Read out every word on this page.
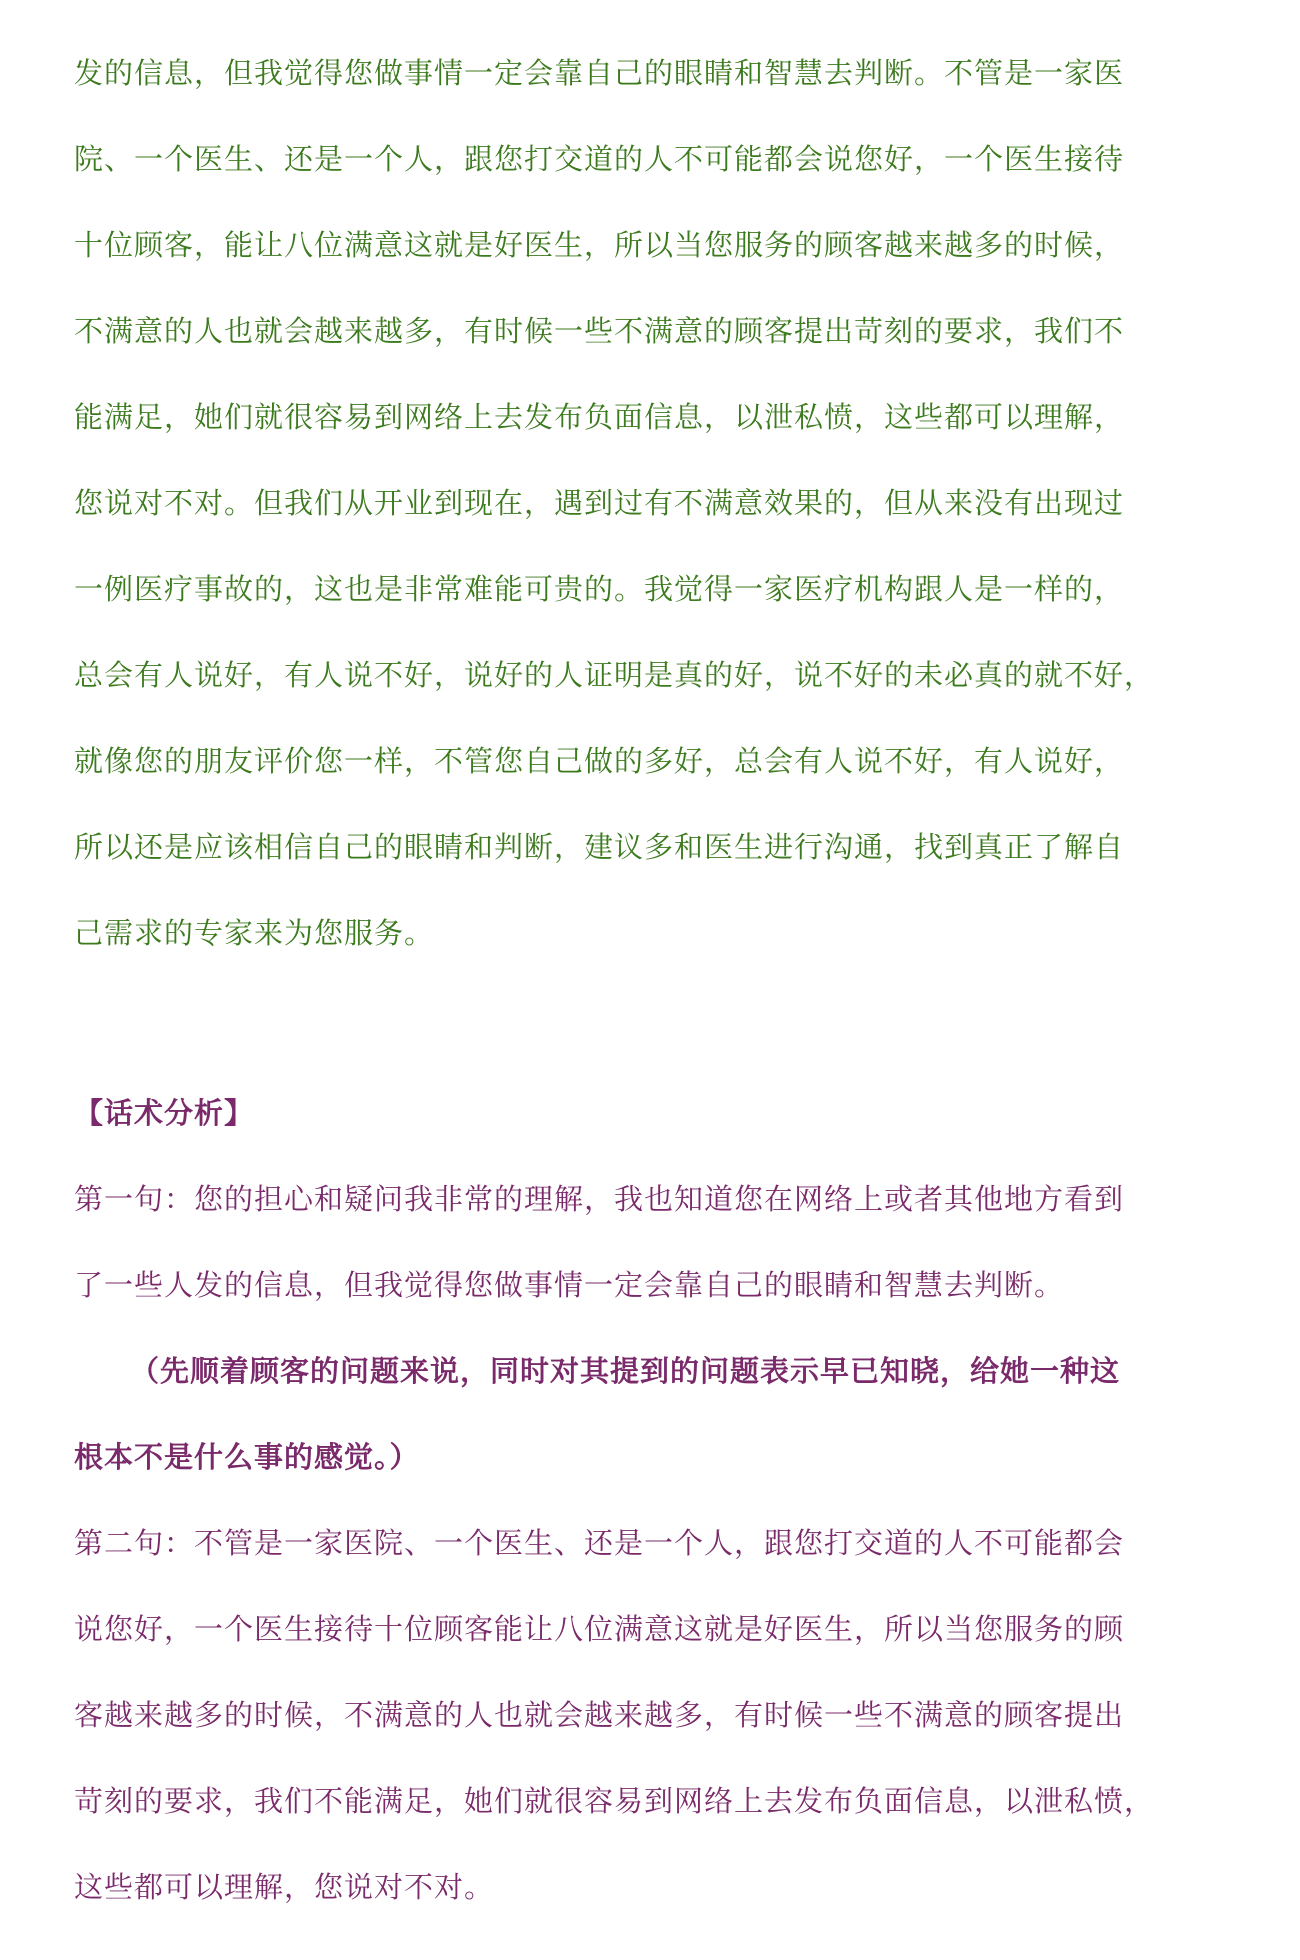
发的信息，但我觉得您做事情一定会靠自己的眼睛和智慧去判断。不管是一家医
院、一个医生、还是一个人，跟您打交道的人不可能都会说您好，一个医生接待
十位顾客，能让八位满意这就是好医生，所以当您服务的顾客越来越多的时候，
不满意的人也就会越来越多，有时候一些不满意的顾客提出苛刻的要求，我们不
能满足，她们就很容易到网络上去发布负面信息，以泄私愤，这些都可以理解，
您说对不对。但我们从开业到现在，遇到过有不满意效果的，但从来没有出现过
一例医疗事故的，这也是非常难能可贵的。我觉得一家医疗机构跟人是一样的，
总会有人说好，有人说不好，说好的人证明是真的好，说不好的未必真的就不好，
就像您的朋友评价您一样，不管您自己做的多好，总会有人说不好，有人说好，
所以还是应该相信自己的眼睛和判断，建议多和医生进行沟通，找到真正了解自
己需求的专家来为您服务。
【话术分析】
第一句：您的担心和疑问我非常的理解，我也知道您在网络上或者其他地方看到
了一些人发的信息，但我觉得您做事情一定会靠自己的眼睛和智慧去判断。
（先顺着顾客的问题来说，同时对其提到的问题表示早已知晓，给她一种这
根本不是什么事的感觉。）
第二句：不管是一家医院、一个医生、还是一个人，跟您打交道的人不可能都会
说您好，一个医生接待十位顾客能让八位满意这就是好医生，所以当您服务的顾
客越来越多的时候，不满意的人也就会越来越多，有时候一些不满意的顾客提出
苛刻的要求，我们不能满足，她们就很容易到网络上去发布负面信息，以泄私愤，
这些都可以理解，您说对不对。
